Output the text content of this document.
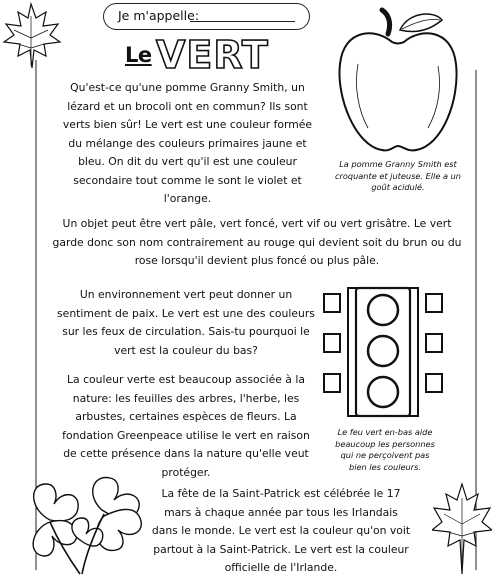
Je m'appelle:
Le VERT
La pomme Granny Smith est croquante et juteuse. Elle a un goût acidulé.
Qu'est-ce qu'une pomme Granny Smith, un lézard et un brocoli ont en commun? Ils sont verts bien sûr! Le vert est une couleur formée du mélange des couleurs primaires jaune et bleu. On dit du vert qu'il est une couleur secondaire tout comme le sont le violet et l'orange.
Un objet peut être vert pâle, vert foncé, vert vif ou vert grisâtre. Le vert garde donc son nom contrairement au rouge qui devient soit du brun ou du rose lorsqu'il devient plus foncé ou plus pâle.
Un environnement vert peut donner un sentiment de paix. Le vert est une des couleurs sur les feux de circulation. Sais-tu pourquoi le vert est la couleur du bas?
Le feu vert en-bas aide beaucoup les personnes qui ne perçoivent pas bien les couleurs.
La couleur verte est beaucoup associée à la nature: les feuilles des arbres, l'herbe, les arbustes, certaines espèces de fleurs. La fondation Greenpeace utilise le vert en raison de cette présence dans la nature qu'elle veut protéger.
La fête de la Saint-Patrick est célébrée le 17 mars à chaque année par tous les Irlandais dans le monde. Le vert est la couleur qu'on voit partout à la Saint-Patrick. Le vert est la couleur officielle de l'Irlande.
